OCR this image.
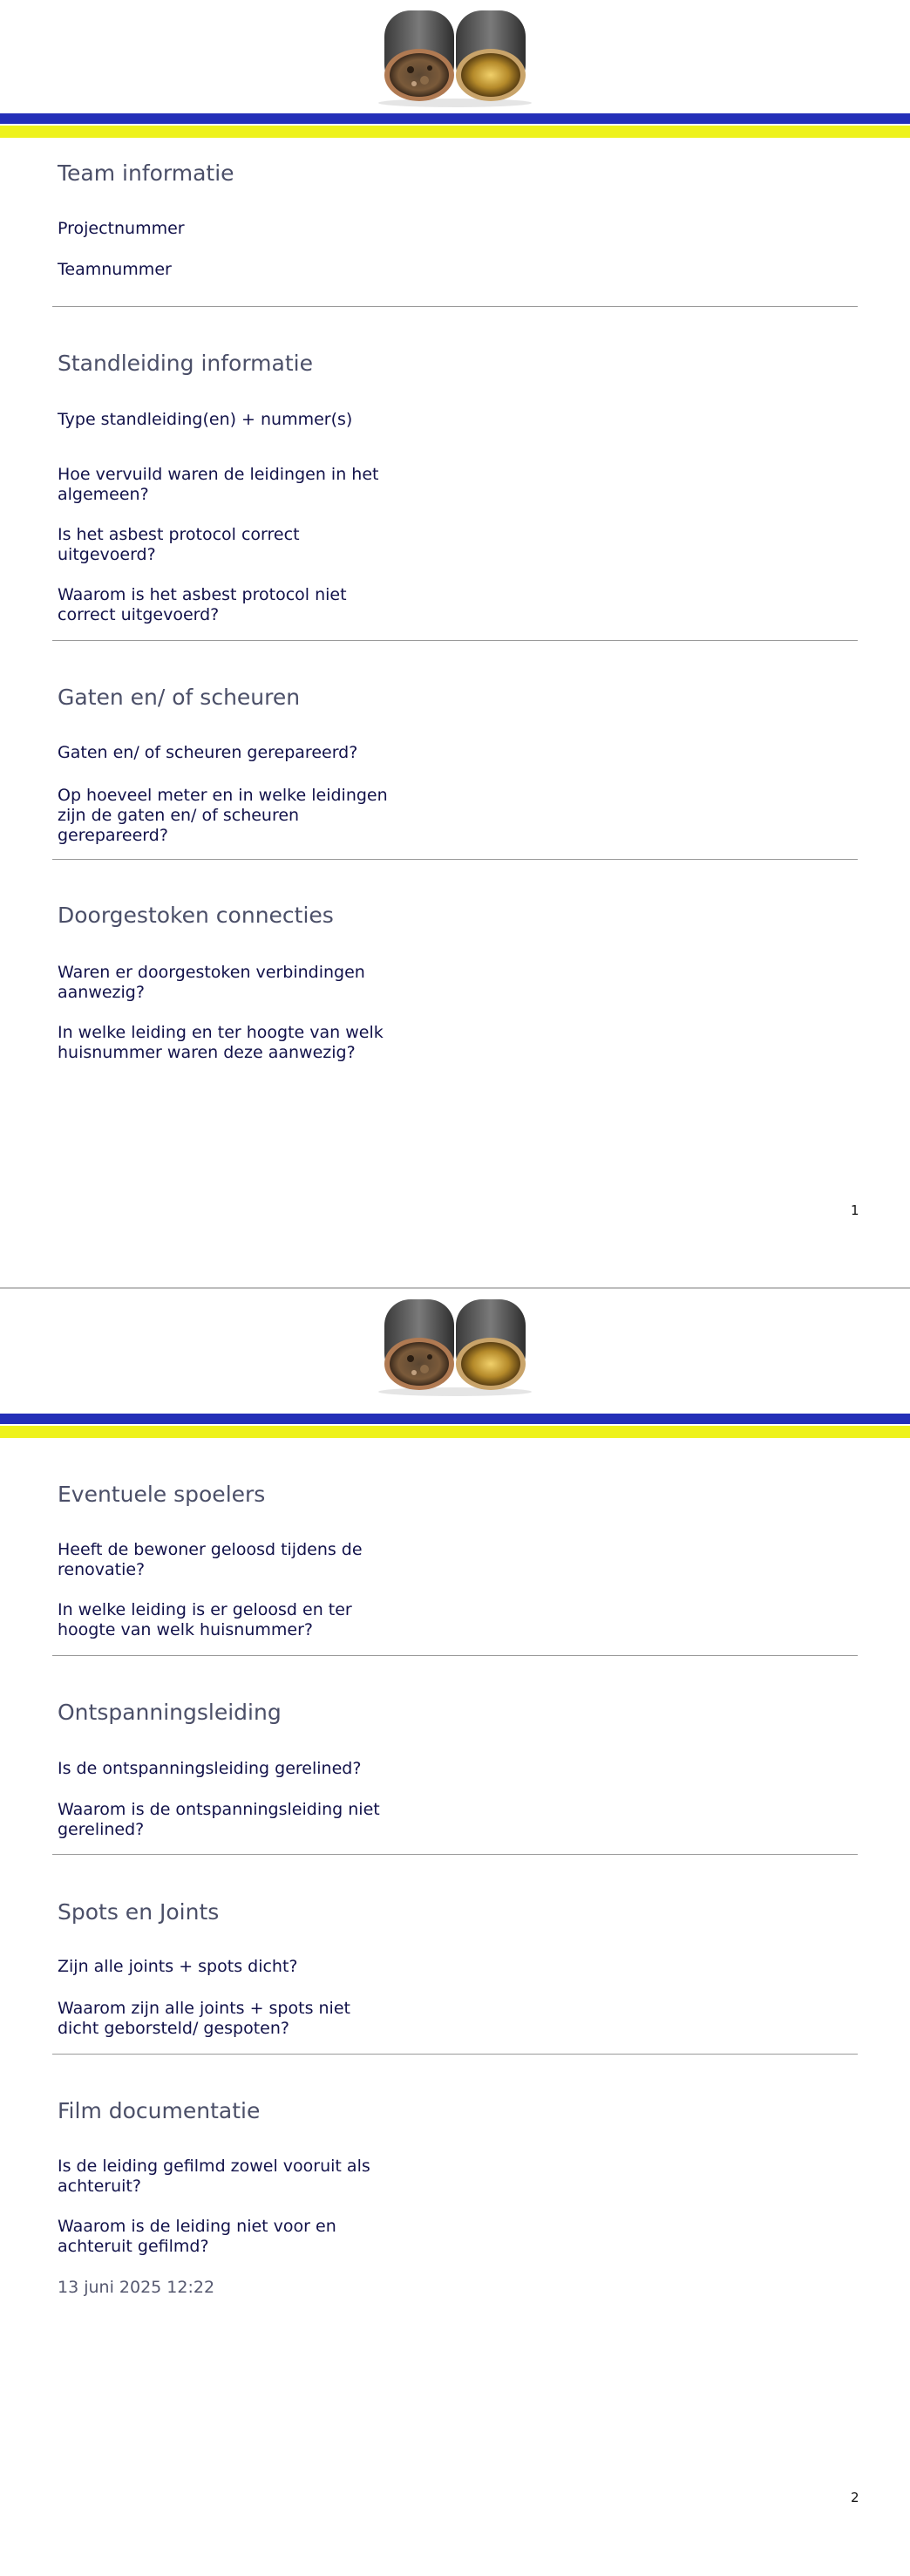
Team informatie
Projectnummer
Teamnummer
Standleiding informatie
Type standleiding(en) + nummer(s)
Hoe vervuild waren de leidingen in het algemeen?
Is het asbest protocol correct uitgevoerd?
Waarom is het asbest protocol niet correct uitgevoerd?
Gaten en/ of scheuren
Gaten en/ of scheuren gerepareerd?
Op hoeveel meter en in welke leidingen zijn de gaten en/ of scheuren gerepareerd?
Doorgestoken connecties
Waren er doorgestoken verbindingen aanwezig?
In welke leiding en ter hoogte van welk huisnummer waren deze aanwezig?
1
Eventuele spoelers
Heeft de bewoner geloosd tijdens de renovatie?
In welke leiding is er geloosd en ter hoogte van welk huisnummer?
Ontspanningsleiding
Is de ontspanningsleiding gerelined?
Waarom is de ontspanningsleiding niet gerelined?
Spots en Joints
Zijn alle joints + spots dicht?
Waarom zijn alle joints + spots niet dicht geborsteld/ gespoten?
Film documentatie
Is de leiding gefilmd zowel vooruit als achteruit?
Waarom is de leiding niet voor en achteruit gefilmd?
13 juni 2025 12:22
2
